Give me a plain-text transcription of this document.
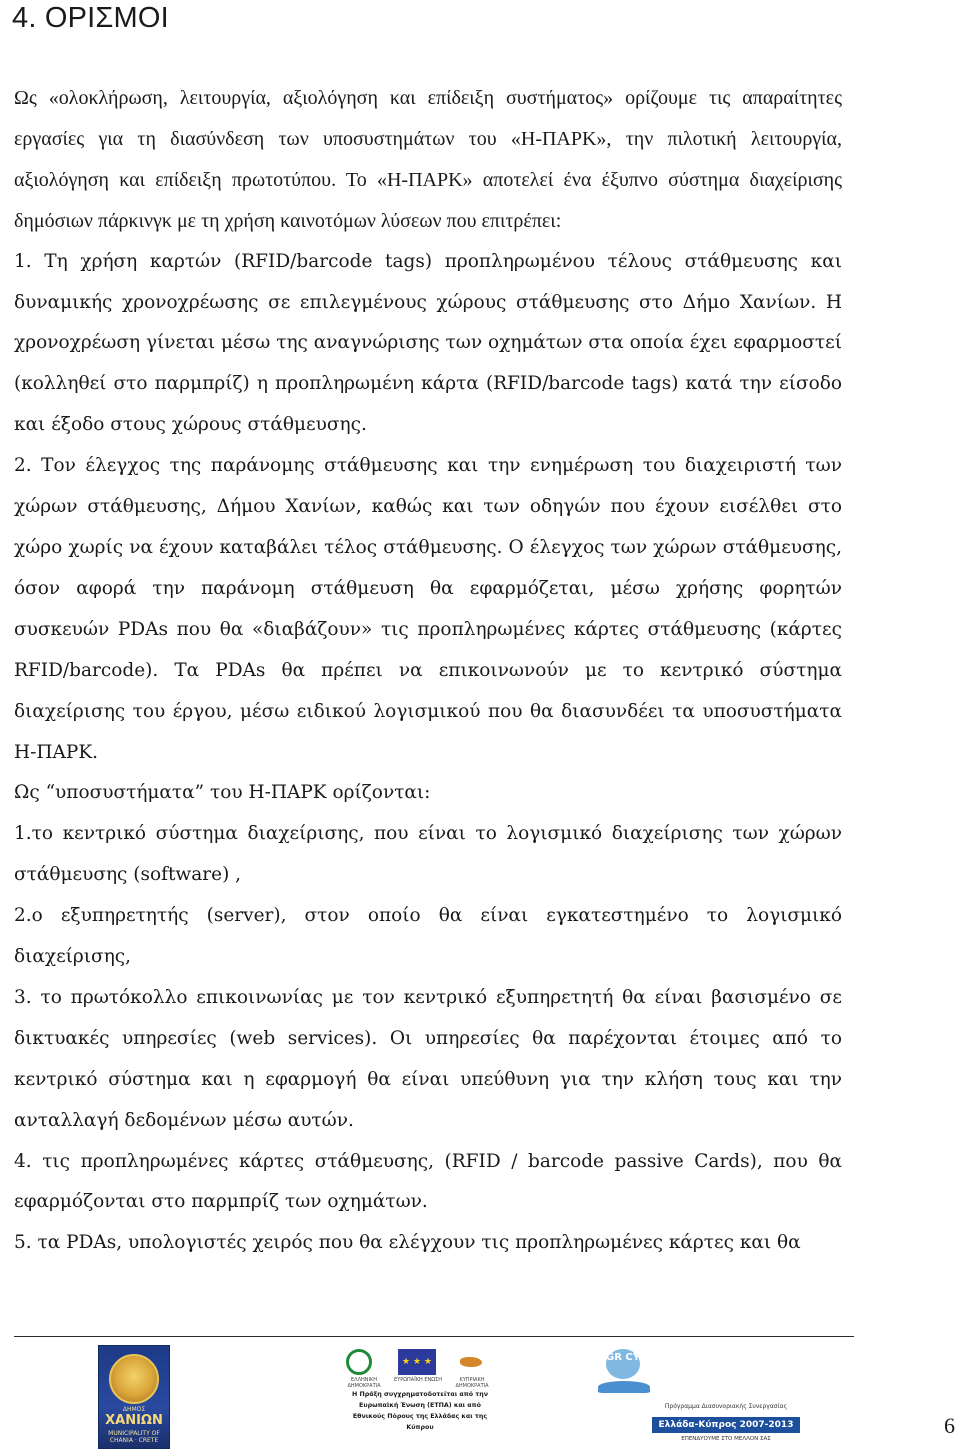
4. ΟΡΙΣΜΟΙ

Ως «ολοκλήρωση, λειτουργία, αξιολόγηση και επίδειξη συστήματος» ορίζουμε τις απαραίτητες εργασίες για τη διασύνδεση των υποσυστημάτων του «Η-ΠΑΡΚ», την πιλοτική λειτουργία, αξιολόγηση και επίδειξη πρωτοτύπου. Το «Η-ΠΑΡΚ» αποτελεί ένα έξυπνο σύστημα διαχείρισης δημόσιων πάρκινγκ με τη χρήση καινοτόμων λύσεων που επιτρέπει:

1. Τη χρήση καρτών (RFID/barcode tags) προπληρωμένου τέλους στάθμευσης και δυναμικής χρονοχρέωσης σε επιλεγμένους χώρους στάθμευσης στο Δήμο Χανίων. Η χρονοχρέωση γίνεται μέσω της αναγνώρισης των οχημάτων στα οποία έχει εφαρμοστεί (κολληθεί στο παρμπρίζ) η προπληρωμένη κάρτα (RFID/barcode tags) κατά την είσοδο και έξοδο στους χώρους στάθμευσης.

2. Τον έλεγχος της παράνομης στάθμευσης και την ενημέρωση του διαχειριστή των χώρων στάθμευσης, Δήμου Χανίων, καθώς και των οδηγών που έχουν εισέλθει στο χώρο χωρίς να έχουν καταβάλει τέλος στάθμευσης. Ο έλεγχος των χώρων στάθμευσης, όσον αφορά την παράνομη στάθμευση θα εφαρμόζεται, μέσω χρήσης φορητών συσκευών PDAs που θα «διαβάζουν» τις προπληρωμένες κάρτες στάθμευσης (κάρτες RFID/barcode). Τα PDAs θα πρέπει να επικοινωνούν με το κεντρικό σύστημα διαχείρισης του έργου, μέσω ειδικού λογισμικού που θα διασυνδέει τα υποσυστήματα Η-ΠΑΡΚ.

Ως “υποσυστήματα” του Η-ΠΑΡΚ ορίζονται:

1.το κεντρικό σύστημα διαχείρισης, που είναι το λογισμικό διαχείρισης των χώρων στάθμευσης (software) ,

2.ο εξυπηρετητής (server), στον οποίο θα είναι εγκατεστημένο το λογισμικό διαχείρισης,

3. το πρωτόκολλο επικοινωνίας με τον κεντρικό εξυπηρετητή θα είναι βασισμένο σε δικτυακές υπηρεσίες (web services). Οι υπηρεσίες θα παρέχονται έτοιμες από το κεντρικό σύστημα και η εφαρμογή θα είναι υπεύθυνη για την κλήση τους και την ανταλλαγή δεδομένων μέσω αυτών.

4. τις προπληρωμένες κάρτες στάθμευσης, (RFID / barcode passive Cards), που θα εφαρμόζονται στο παρμπρίζ των οχημάτων.

5. τα PDAs, υπολογιστές χειρός που θα ελέγχουν τις προπληρωμένες κάρτες και θα

ΔΗΜΟΣ
ΧΑΝΙΩΝ
MUNICIPALITY OF CHANIA · CRETE
★ ★ ★
ΕΛΛΗΝΙΚΗ ΔΗΜΟΚΡΑΤΙΑ
ΕΥΡΩΠΑΪΚΗ ΕΝΩΣΗ	ΚΥΠΡΙΑΚΗ ΔΗΜΟΚΡΑΤΙΑ
Η Πράξη συγχρηματοδοτείται από την Ευρωπαϊκή Ένωση (ΕΤΠΑ) και από Εθνικούς Πόρους της Ελλάδας και της Κύπρου
GR CY
Πρόγραμμα Διασυνοριακής Συνεργασίας
Ελλάδα-Κύπρος 2007-2013
ΕΠΕΝΔΥΟΥΜΕ ΣΤΟ ΜΕΛΛΟΝ ΣΑΣ
6
